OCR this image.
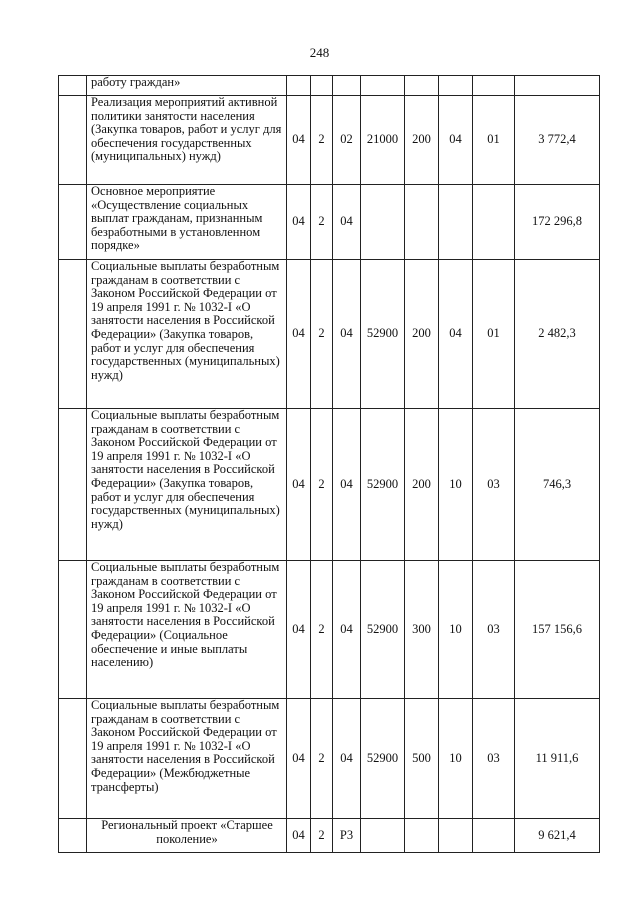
248
	работу граждан»								
	Реализация мероприятий активной политики занятости населения (Закупка товаров, работ и услуг для обеспечения государственных (муниципальных) нужд)	04	2	02	21000	200	04	01	3 772,4
	Основное мероприятие «Осуществление социальных выплат гражданам, признанным безработными в установленном порядке»	04	2	04					172 296,8
	Социальные выплаты безработным гражданам в соответствии с Законом Российской Федерации от 19 апреля 1991 г. № 1032-I «О занятости населения в Российской Федерации» (Закупка товаров, работ и услуг для обеспечения государственных (муниципальных) нужд)	04	2	04	52900	200	04	01	2 482,3
	Социальные выплаты безработным гражданам в соответствии с Законом Российской Федерации от 19 апреля 1991 г. № 1032-I «О занятости населения в Российской Федерации» (Закупка товаров, работ и услуг для обеспечения государственных (муниципальных) нужд)	04	2	04	52900	200	10	03	746,3
	Социальные выплаты безработным гражданам в соответствии с Законом Российской Федерации от 19 апреля 1991 г. № 1032-I «О занятости населения в Российской Федерации» (Социальное обеспечение и иные выплаты населению)	04	2	04	52900	300	10	03	157 156,6
	Социальные выплаты безработным гражданам в соответствии с Законом Российской Федерации от 19 апреля 1991 г. № 1032-I «О занятости населения в Российской Федерации» (Межбюджетные трансферты)	04	2	04	52900	500	10	03	11 911,6
	Региональный проект «Старшее поколение»	04	2	Р3					9 621,4
